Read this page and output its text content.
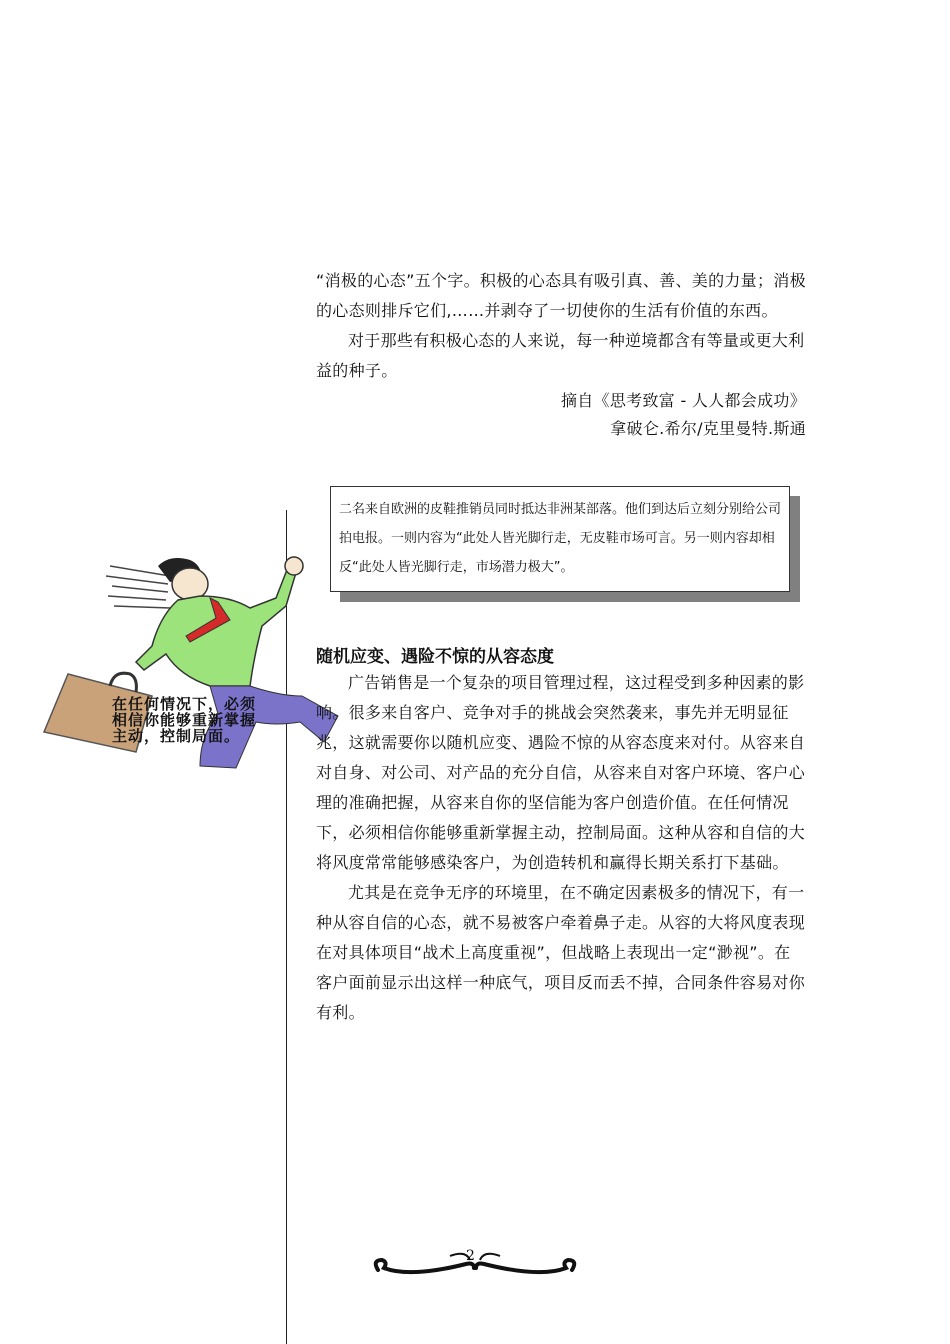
“消极的心态”五个字。积极的心态具有吸引真、善、美的力量；消极的心态则排斥它们,……并剥夺了一切使你的生活有价值的东西。
对于那些有积极心态的人来说，每一种逆境都含有等量或更大利益的种子。
摘自《思考致富 - 人人都会成功》
拿破仑.希尔/克里曼特.斯通
二名来自欧洲的皮鞋推销员同时抵达非洲某部落。他们到达后立刻分别给公司拍电报。一则内容为“此处人皆光脚行走，无皮鞋市场可言。另一则内容却相反“此处人皆光脚行走，市场潜力极大”。
在任何情况下，必须相信你能够重新掌握主动，控制局面。
随机应变、遇险不惊的从容态度
广告销售是一个复杂的项目管理过程，这过程受到多种因素的影响。很多来自客户、竞争对手的挑战会突然袭来，事先并无明显征兆，这就需要你以随机应变、遇险不惊的从容态度来对付。从容来自对自身、对公司、对产品的充分自信，从容来自对客户环境、客户心理的准确把握，从容来自你的坚信能为客户创造价值。在任何情况下，必须相信你能够重新掌握主动，控制局面。这种从容和自信的大将风度常常能够感染客户，为创造转机和赢得长期关系打下基础。
尤其是在竞争无序的环境里，在不确定因素极多的情况下，有一种从容自信的心态，就不易被客户牵着鼻子走。从容的大将风度表现在对具体项目“战术上高度重视”，但战略上表现出一定“渺视”。在客户面前显示出这样一种底气，项目反而丢不掉，合同条件容易对你有利。
2
